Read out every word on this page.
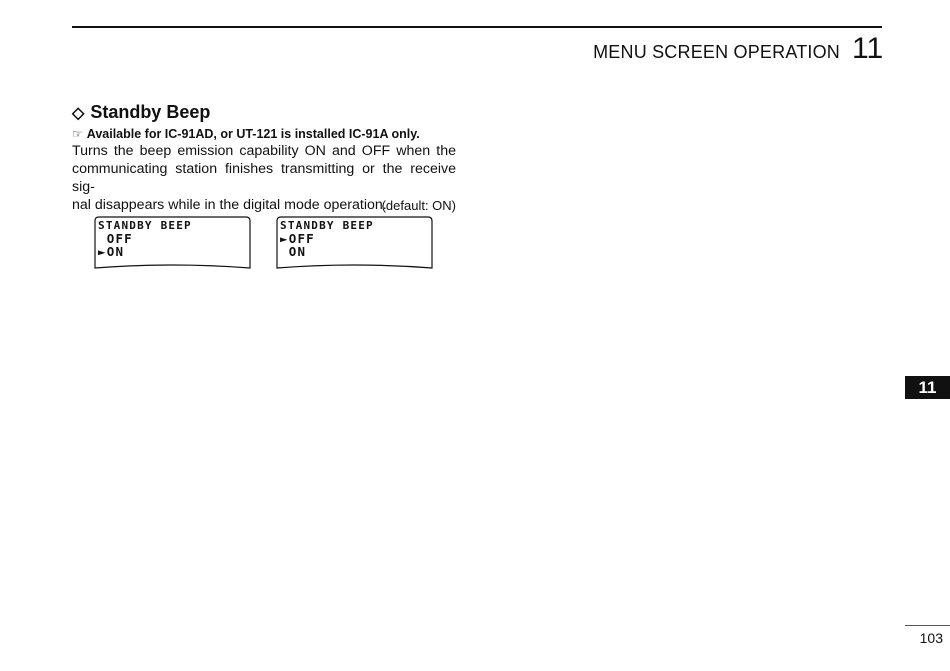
MENU SCREEN OPERATION 11
◇ Standby Beep
☞ Available for IC-91AD, or UT-121 is installed IC-91A only.

Turns the beep emission capability ON and OFF when the
communicating station finishes transmitting or the receive sig-
nal disappears while in the digital mode operation.

(default: ON)
STANDBY BEEP
OFF
►ON
STANDBY BEEP
►OFF
ON
11
103
